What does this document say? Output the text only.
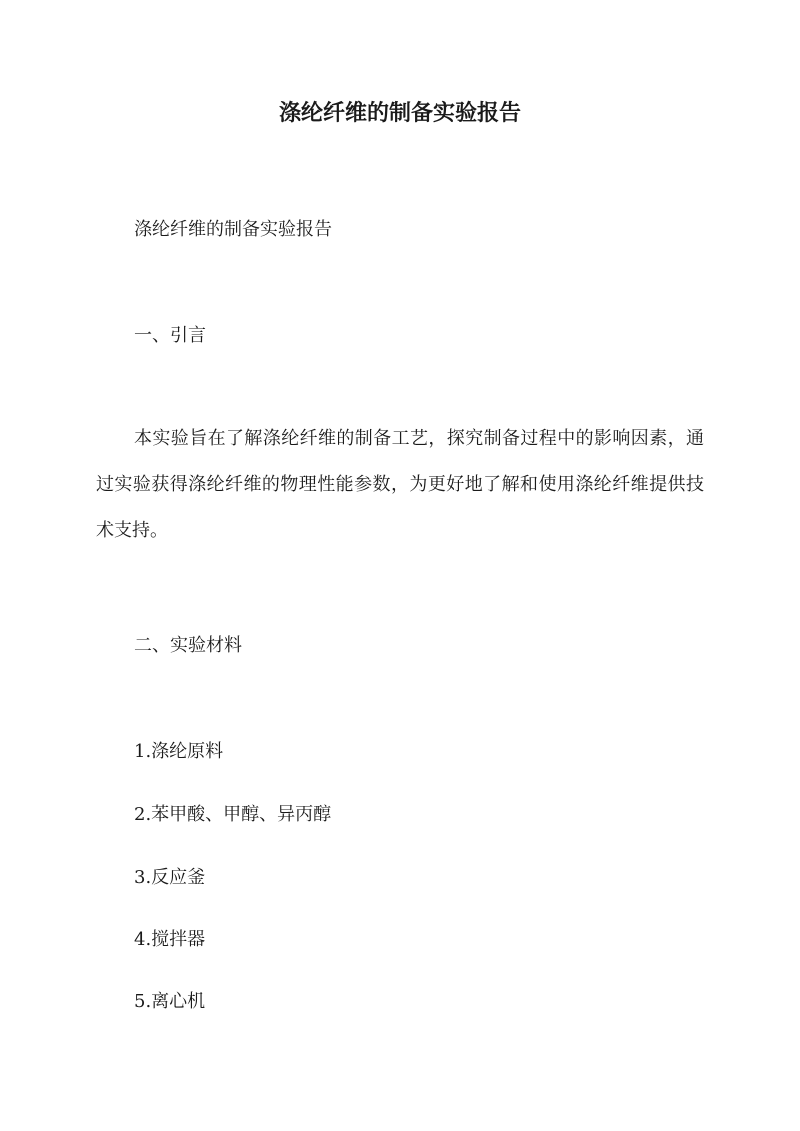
涤纶纤维的制备实验报告

涤纶纤维的制备实验报告

一、引言

本实验旨在了解涤纶纤维的制备工艺，探究制备过程中的影响因素，通过实验获得涤纶纤维的物理性能参数，为更好地了解和使用涤纶纤维提供技术支持。

二、实验材料

1.涤纶原料

2.苯甲酸、甲醇、异丙醇

3.反应釜

4.搅拌器

5.离心机
